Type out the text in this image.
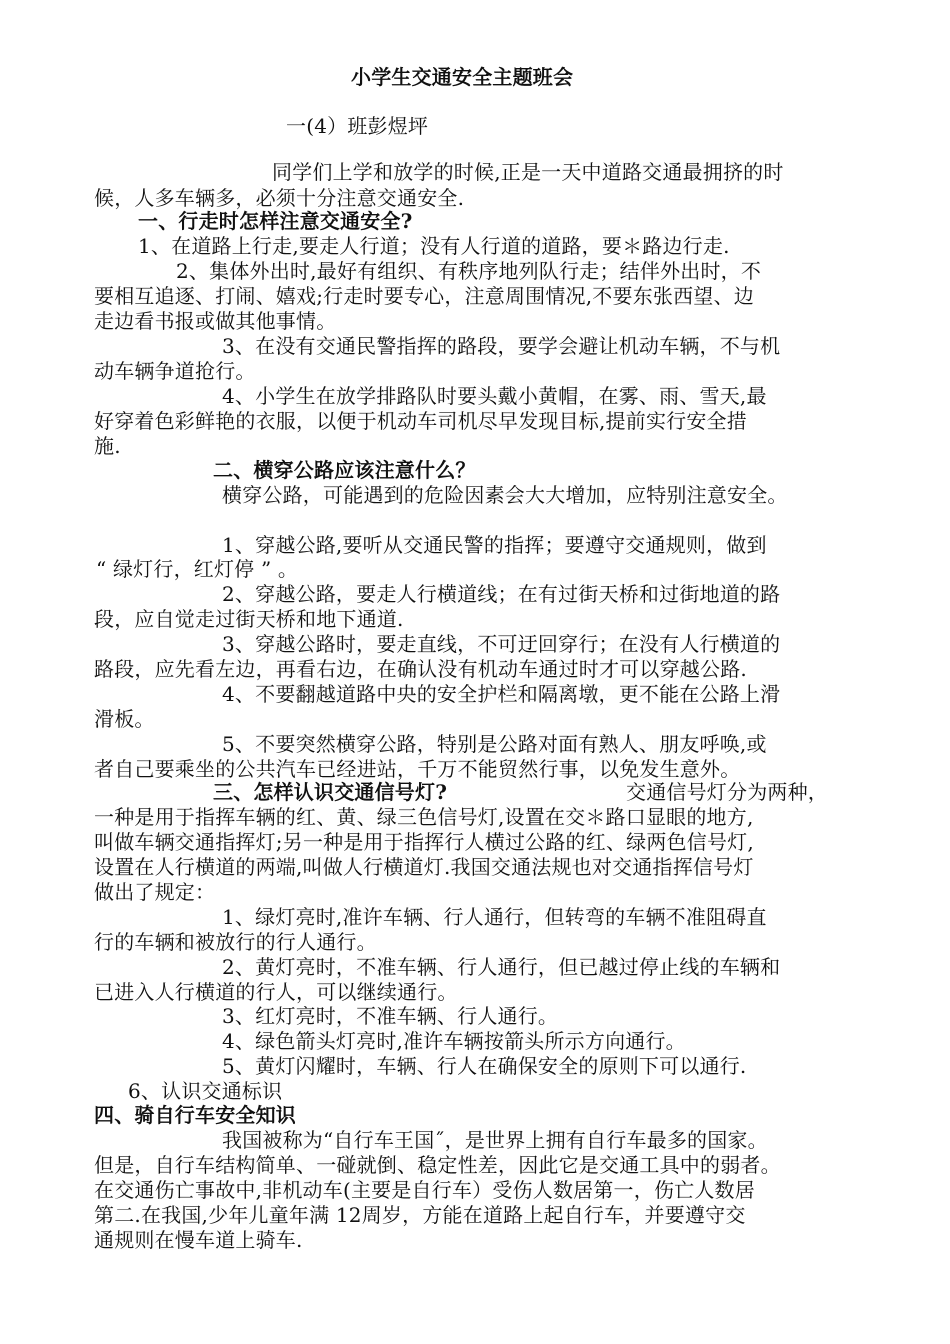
小学生交通安全主题班会
一(4）班彭煜坪
同学们上学和放学的时候,正是一天中道路交通最拥挤的时
候，人多车辆多，必须十分注意交通安全.
一、行走时怎样注意交通安全?
1、在道路上行走,要走人行道；没有人行道的道路，要＊路边行走.
2、集体外出时,最好有组织、有秩序地列队行走；结伴外出时，不
要相互追逐、打闹、嬉戏;行走时要专心，注意周围情况,不要东张西望、边
走边看书报或做其他事情。
3、在没有交通民警指挥的路段，要学会避让机动车辆，不与机
动车辆争道抢行。
4、小学生在放学排路队时要头戴小黄帽，在雾、雨、雪天,最
好穿着色彩鲜艳的衣服，以便于机动车司机尽早发现目标,提前实行安全措
施.
二、横穿公路应该注意什么？
横穿公路，可能遇到的危险因素会大大增加，应特别注意安全。
1、穿越公路,要听从交通民警的指挥；要遵守交通规则，做到
“ 绿灯行，红灯停 ” 。
2、穿越公路，要走人行横道线；在有过街天桥和过街地道的路
段，应自觉走过街天桥和地下通道.
3、穿越公路时，要走直线，不可迂回穿行；在没有人行横道的
路段，应先看左边，再看右边，在确认没有机动车通过时才可以穿越公路.
4、不要翻越道路中央的安全护栏和隔离墩，更不能在公路上滑
滑板。
5、不要突然横穿公路，特别是公路对面有熟人、朋友呼唤,或
者自己要乘坐的公共汽车已经进站，千万不能贸然行事，以免发生意外。
三、怎样认识交通信号灯?	交通信号灯分为两种，
一种是用于指挥车辆的红、黄、绿三色信号灯,设置在交＊路口显眼的地方,
叫做车辆交通指挥灯;另一种是用于指挥行人横过公路的红、绿两色信号灯,
设置在人行横道的两端,叫做人行横道灯.我国交通法规也对交通指挥信号灯
做出了规定：
1、绿灯亮时,准许车辆、行人通行，但转弯的车辆不准阻碍直
行的车辆和被放行的行人通行。
2、黄灯亮时，不准车辆、行人通行，但已越过停止线的车辆和
已进入人行横道的行人，可以继续通行。
3、红灯亮时，不准车辆、行人通行。
4、绿色箭头灯亮时,准许车辆按箭头所示方向通行。
5、黄灯闪耀时，车辆、行人在确保安全的原则下可以通行.
6、认识交通标识
四、骑自行车安全知识
我国被称为“自行车王国˝，是世界上拥有自行车最多的国家。
但是，自行车结构简单、一碰就倒、稳定性差，因此它是交通工具中的弱者。
在交通伤亡事故中,非机动车(主要是自行车）受伤人数居第一，伤亡人数居
第二.在我国,少年儿童年满 12周岁，方能在道路上起自行车，并要遵守交
通规则在慢车道上骑车.
